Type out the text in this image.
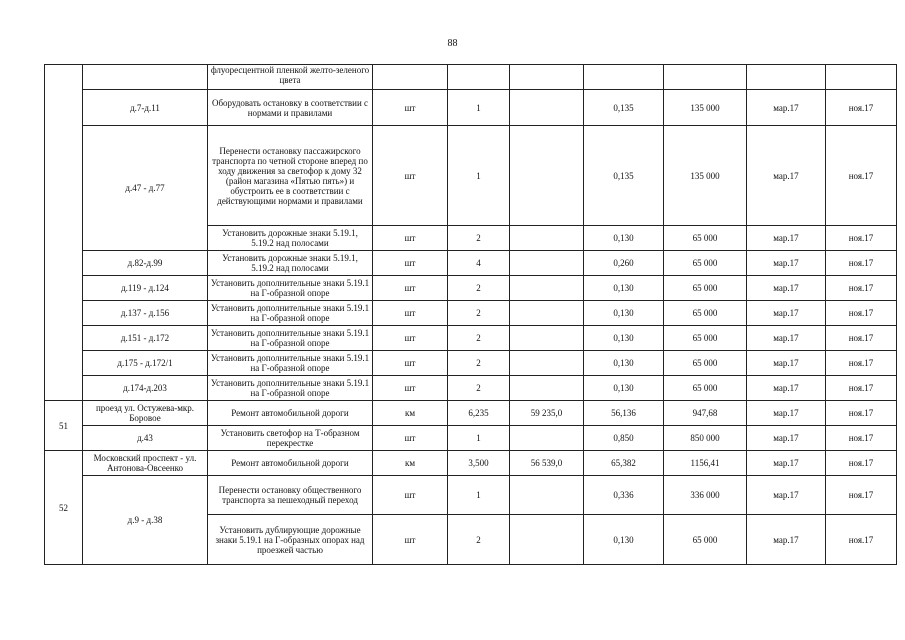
88
		флуоресцентной пленкой желто-зеленого цвета							
	д.7-д.11	Оборудовать остановку в соответствии с нормами и правилами	шт	1		0,135	135 000	мар.17	ноя.17
	д.47 - д.77	Перенести остановку пассажирского транспорта по четной стороне вперед по ходу движения за светофор к дому 32 (район магазина «Пятью пять») и обустроить ее в соответствии с действующими нормами и правилами	шт	1		0,135	135 000	мар.17	ноя.17
		Установить дорожные знаки 5.19.1, 5.19.2 над полосами	шт	2		0,130	65 000	мар.17	ноя.17
	д.82-д.99	Установить дорожные знаки 5.19.1, 5.19.2 над полосами	шт	4		0,260	65 000	мар.17	ноя.17
	д.119 - д.124	Установить дополнительные знаки 5.19.1 на Г-образной опоре	шт	2		0,130	65 000	мар.17	ноя.17
	д.137 - д.156	Установить дополнительные знаки 5.19.1 на Г-образной опоре	шт	2		0,130	65 000	мар.17	ноя.17
	д.151 - д.172	Установить дополнительные знаки 5.19.1 на Г-образной опоре	шт	2		0,130	65 000	мар.17	ноя.17
	д.175 - д.172/1	Установить дополнительные знаки 5.19.1 на Г-образной опоре	шт	2		0,130	65 000	мар.17	ноя.17
	д.174-д.203	Установить дополнительные знаки 5.19.1 на Г-образной опоре	шт	2		0,130	65 000	мар.17	ноя.17
51	проезд ул. Остужева-мкр. Боровое	Ремонт автомобильной дороги	км	6,235	59 235,0	56,136	947,68	мар.17	ноя.17
	д.43	Установить светофор на Т-образном перекрестке	шт	1		0,850	850 000	мар.17	ноя.17
52	Московский проспект - ул. Антонова-Овсеенко	Ремонт автомобильной дороги	км	3,500	56 539,0	65,382	1156,41	мар.17	ноя.17
	д.9 - д.38	Перенести остановку общественного транспорта за пешеходный переход	шт	1		0,336	336 000	мар.17	ноя.17
		Установить дублирующие дорожные знаки 5.19.1 на Г-образных опорах над проезжей частью	шт	2		0,130	65 000	мар.17	ноя.17
